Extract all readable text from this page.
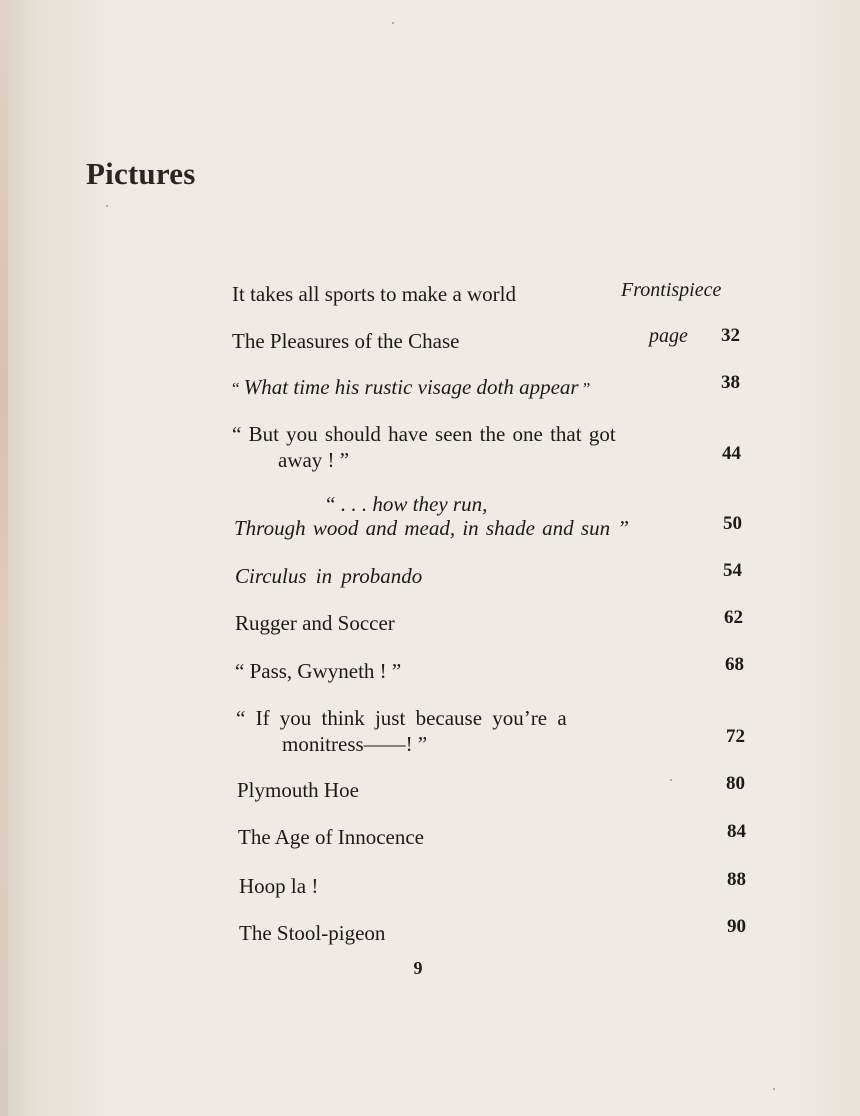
Pictures
It takes all sports to make a world	Frontispiece
The Pleasures of the Chase	page	32
“ What time his rustic visage doth appear ”	38
“ But you should have seen the one that got
away ! ”	44
“ . . . how they run,
Through wood and mead, in shade and sun ”	50
Circulus in probando	54
Rugger and Soccer	62
“ Pass, Gwyneth ! ”	68
“ If you think just because you’re a
monitress——! ”	72
Plymouth Hoe	80
The Age of Innocence	84
Hoop la !	88
The Stool-pigeon	90
9
